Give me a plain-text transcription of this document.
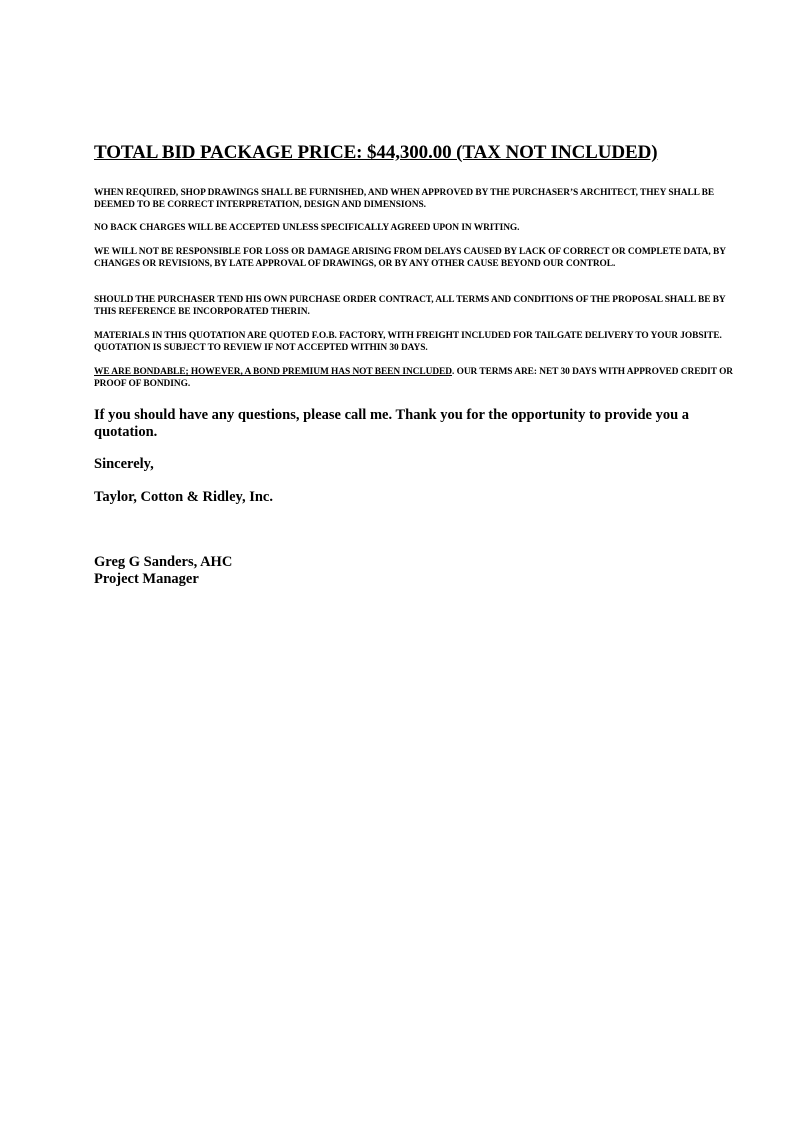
TOTAL BID PACKAGE PRICE: $44,300.00 (TAX NOT INCLUDED)

WHEN REQUIRED, SHOP DRAWINGS SHALL BE FURNISHED, AND WHEN APPROVED BY THE PURCHASER’S ARCHITECT, THEY SHALL BE DEEMED TO BE CORRECT INTERPRETATION, DESIGN AND DIMENSIONS.

NO BACK CHARGES WILL BE ACCEPTED UNLESS SPECIFICALLY AGREED UPON IN WRITING.

WE WILL NOT BE RESPONSIBLE FOR LOSS OR DAMAGE ARISING FROM DELAYS CAUSED BY LACK OF CORRECT OR COMPLETE DATA, BY CHANGES OR REVISIONS, BY LATE APPROVAL OF DRAWINGS, OR BY ANY OTHER CAUSE BEYOND OUR CONTROL.

SHOULD THE PURCHASER TEND HIS OWN PURCHASE ORDER CONTRACT, ALL TERMS AND CONDITIONS OF THE PROPOSAL SHALL BE BY THIS REFERENCE BE INCORPORATED THERIN.

MATERIALS IN THIS QUOTATION ARE QUOTED F.O.B. FACTORY, WITH FREIGHT INCLUDED FOR TAILGATE DELIVERY TO YOUR JOBSITE. QUOTATION IS SUBJECT TO REVIEW IF NOT ACCEPTED WITHIN 30 DAYS.

WE ARE BONDABLE; HOWEVER, A BOND PREMIUM HAS NOT BEEN INCLUDED. OUR TERMS ARE: NET 30 DAYS WITH APPROVED CREDIT OR PROOF OF BONDING.

If you should have any questions, please call me. Thank you for the opportunity to provide you a quotation.

Sincerely,

Taylor, Cotton & Ridley, Inc.

Greg G Sanders, AHC

Project Manager
